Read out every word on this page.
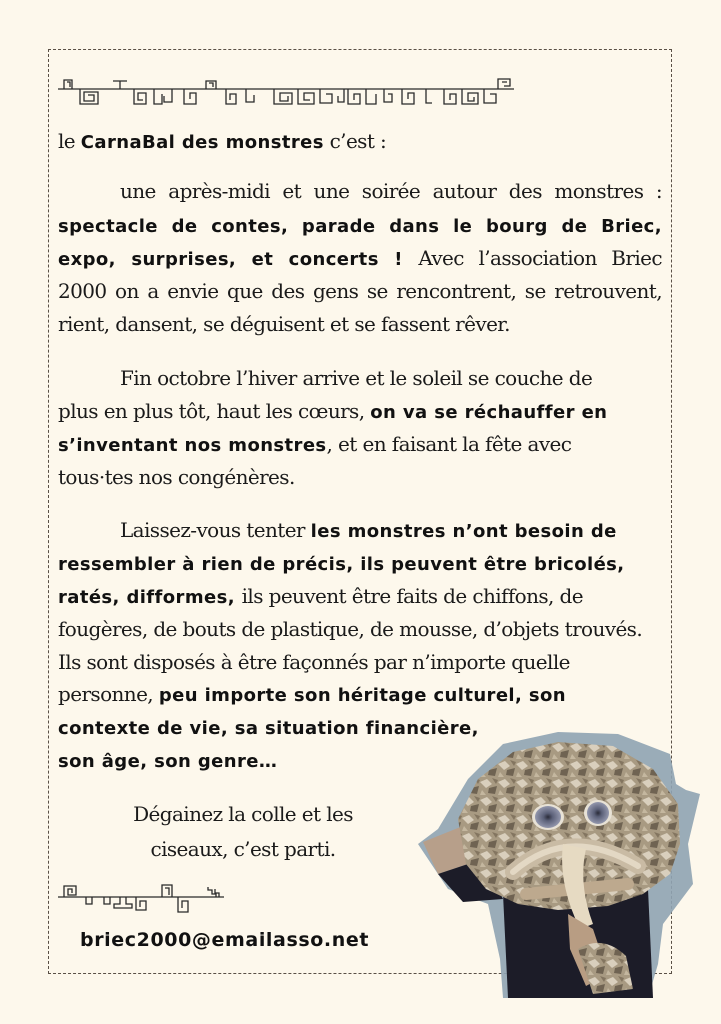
le CarnaBal des monstres c’est :
une après-midi et une soirée autour des monstres :
spectacle de contes, parade dans le bourg de Briec,
expo, surprises, et concerts ! Avec l’association Briec
2000 on a envie que des gens se rencontrent, se retrouvent,
rient, dansent, se déguisent et se fassent rêver.
Fin octobre l’hiver arrive et le soleil se couche de
plus en plus tôt, haut les cœurs, on va se réchauffer en
s’inventant nos monstres, et en faisant la fête avec
tous·tes nos congénères.
Laissez-vous tenter les monstres n’ont besoin de
ressembler à rien de précis, ils peuvent être bricolés,
ratés, difformes, ils peuvent être faits de chiffons, de
fougères, de bouts de plastique, de mousse, d’objets trouvés.
Ils sont disposés à être façonnés par n’importe quelle
personne, peu importe son héritage culturel, son
contexte de vie, sa situation financière,
son âge, son genre…
Dégainez la colle et les
ciseaux, c’est parti.
briec2000@emailasso.net
